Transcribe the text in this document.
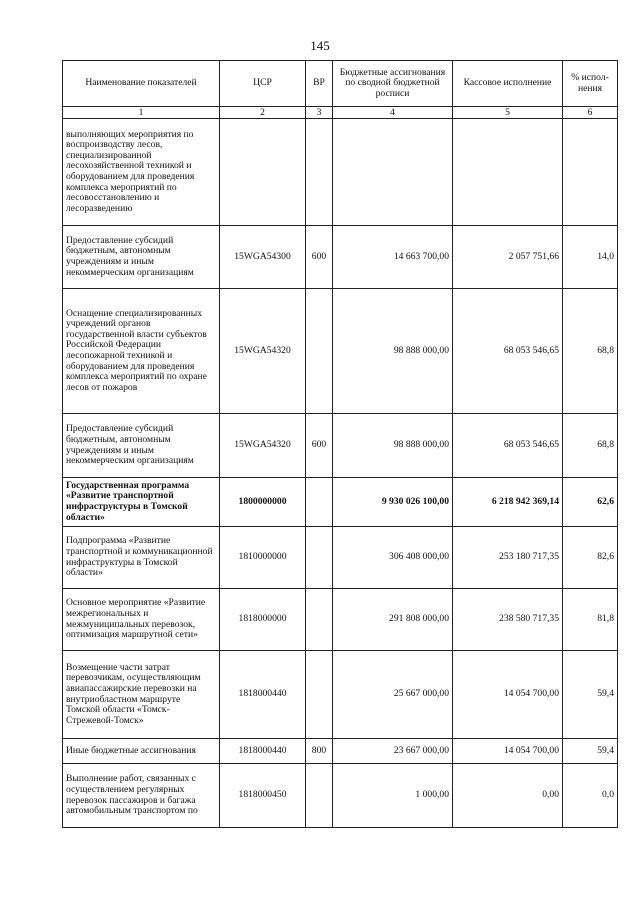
145
Наименование показателей	ЦСР	ВР	Бюджетные ассигнования по сводной бюджетной росписи	Кассовое исполнение	% испол-нения
1	2	3	4	5	6
выполняющих мероприятия по воспроизводству лесов, специализированной лесохозяйственной техникой и оборудованием для проведения комплекса мероприятий по лесовосстановлению и лесоразведению					
Предоставление субсидий бюджетным, автономным учреждениям и иным некоммерческим организациям	15WGA54300	600	14 663 700,00	2 057 751,66	14,0
Оснащение специализированных учреждений органов государственной власти субъектов Российской Федерации лесопожарной техникой и оборудованием для проведения комплекса мероприятий по охране лесов от пожаров	15WGA54320		98 888 000,00	68 053 546,65	68,8
Предоставление субсидий бюджетным, автономным учреждениям и иным некоммерческим организациям	15WGA54320	600	98 888 000,00	68 053 546,65	68,8
Государственная программа «Развитие транспортной инфраструктуры в Томской области»	1800000000		9 930 026 100,00	6 218 942 369,14	62,6
Подпрограмма «Развитие транспортной и коммуникационной инфраструктуры в Томской области»	1810000000		306 408 000,00	253 180 717,35	82,6
Основное мероприятие «Развитие межрегиональных и межмуниципальных перевозок, оптимизация маршрутной сети»	1818000000		291 808 000,00	238 580 717,35	81,8
Возмещение части затрат перевозчикам, осуществляющим авиапассажирские перевозки на внутриобластном маршруте Томской области «Томск-Стрежевой-Томск»	1818000440		25 667 000,00	14 054 700,00	59,4
Иные бюджетные ассигнования	1818000440	800	23 667 000,00	14 054 700,00	59,4
Выполнение работ, связанных с осуществлением регулярных перевозок пассажиров и багажа автомобильным транспортом по	1818000450		1 000,00	0,00	0,0
